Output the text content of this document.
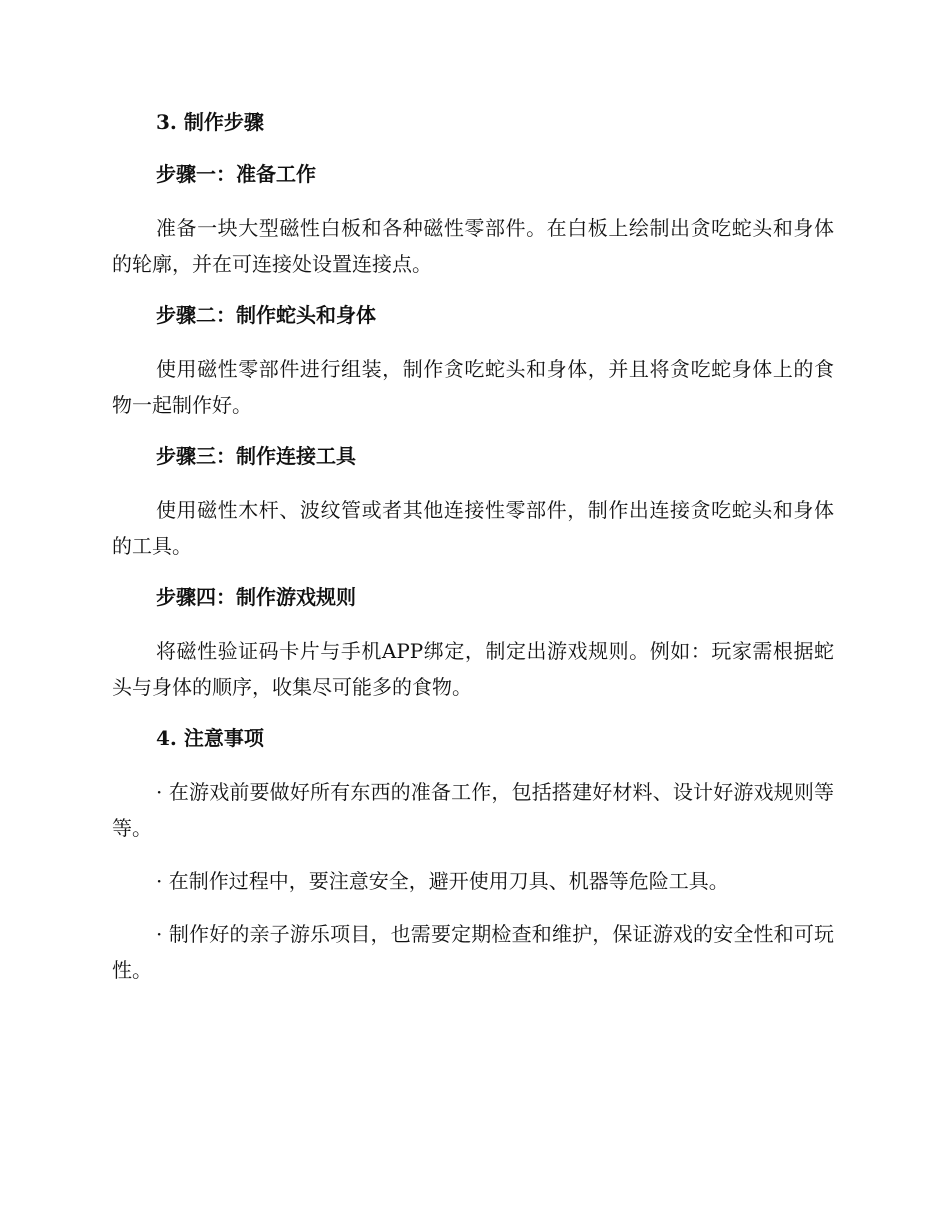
3. 制作步骤
步骤一：准备工作

准备一块大型磁性白板和各种磁性零部件。在白板上绘制出贪吃蛇头和身体的轮廓，并在可连接处设置连接点。

步骤二：制作蛇头和身体

使用磁性零部件进行组装，制作贪吃蛇头和身体，并且将贪吃蛇身体上的食物一起制作好。

步骤三：制作连接工具

使用磁性木杆、波纹管或者其他连接性零部件，制作出连接贪吃蛇头和身体的工具。

步骤四：制作游戏规则

将磁性验证码卡片与手机APP绑定，制定出游戏规则。例如：玩家需根据蛇头与身体的顺序，收集尽可能多的食物。

4. 注意事项

· 在游戏前要做好所有东西的准备工作，包括搭建好材料、设计好游戏规则等等。

· 在制作过程中，要注意安全，避开使用刀具、机器等危险工具。

· 制作好的亲子游乐项目，也需要定期检查和维护，保证游戏的安全性和可玩性。
